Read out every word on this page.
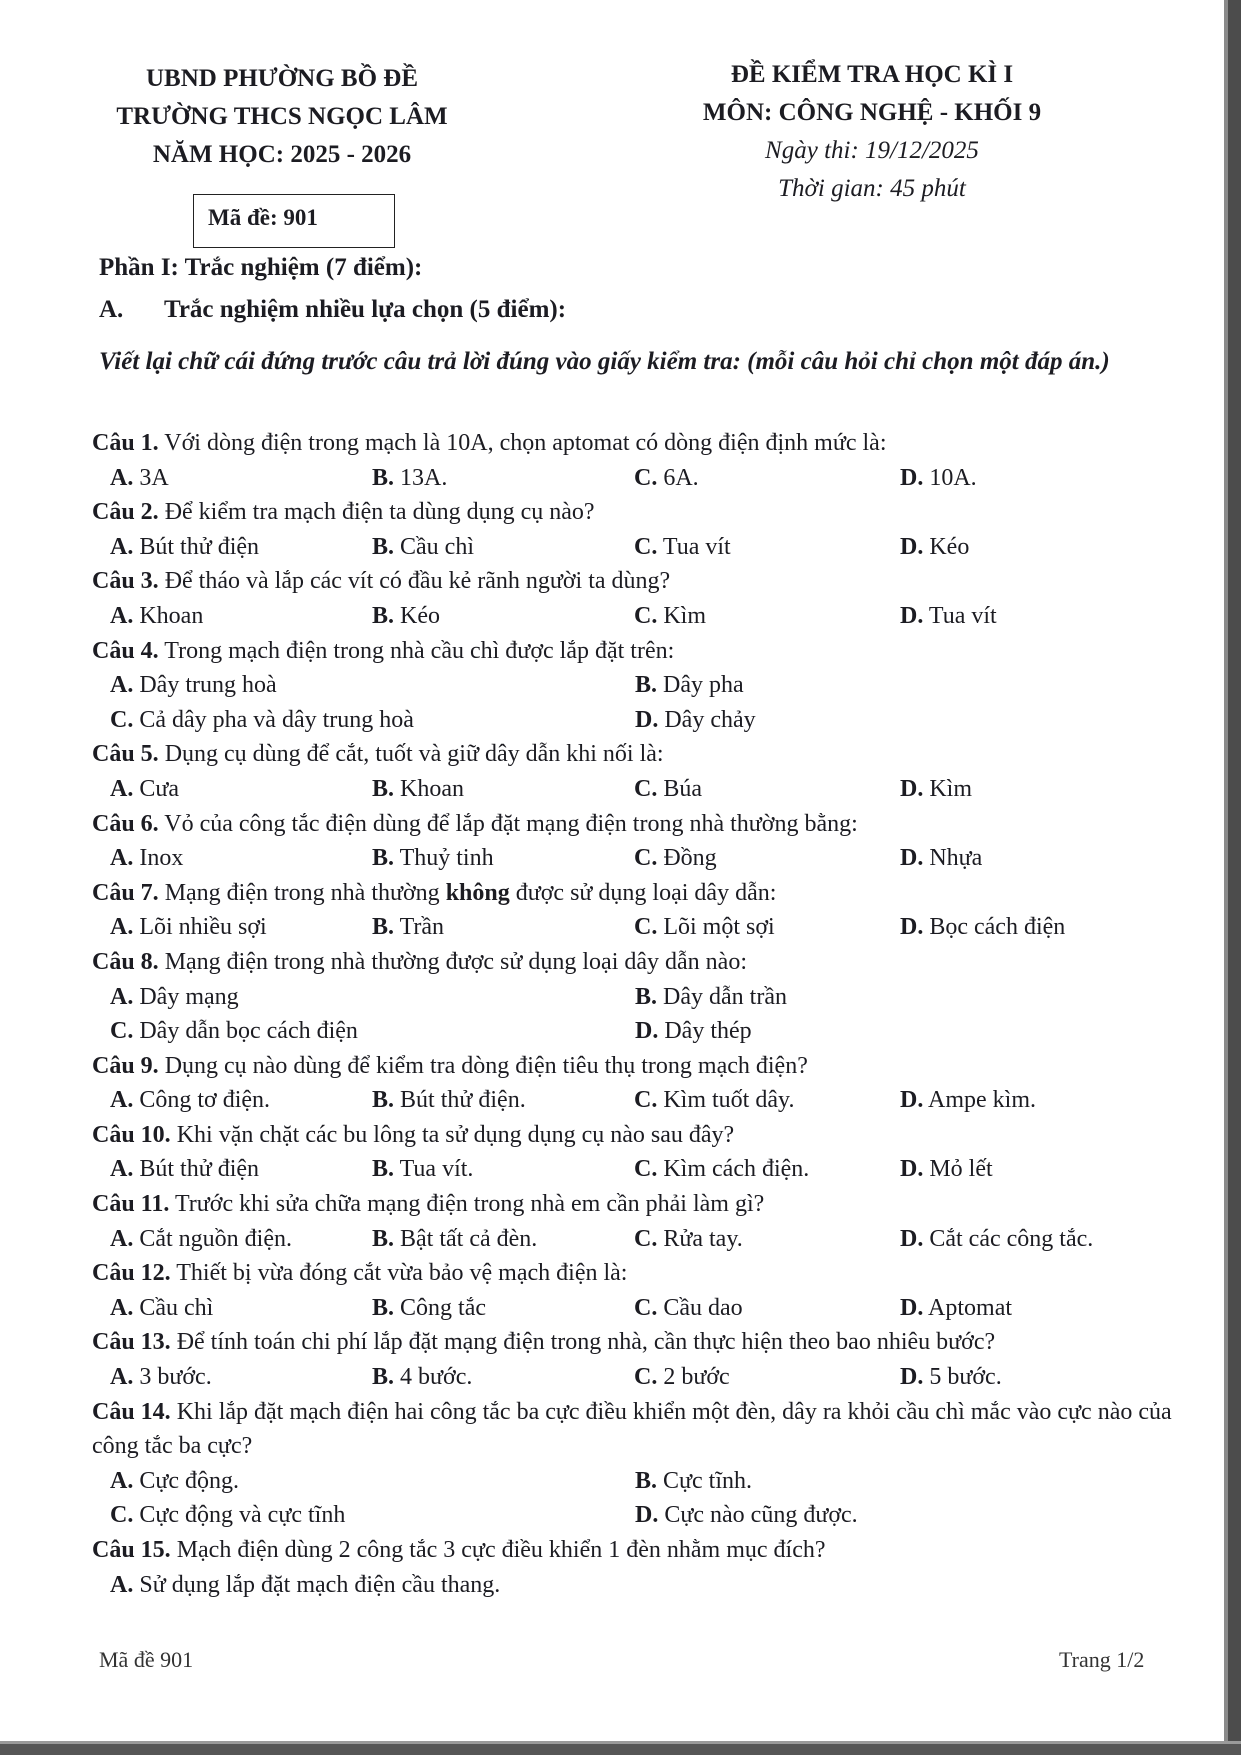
UBND PHƯỜNG BỒ ĐỀ
TRƯỜNG THCS NGỌC LÂM
NĂM HỌC: 2025 - 2026
ĐỀ KIỂM TRA HỌC KÌ I
MÔN: CÔNG NGHỆ - KHỐI 9
Ngày thi: 19/12/2025
Thời gian: 45 phút
Mã đề: 901
Phần I: Trắc nghiệm (7 điểm):
A. Trắc nghiệm nhiều lựa chọn (5 điểm):
Viết lại chữ cái đứng trước câu trả lời đúng vào giấy kiểm tra: (mỗi câu hỏi chỉ chọn một đáp án.)
Câu 1. Với dòng điện trong mạch là 10A, chọn aptomat có dòng điện định mức là:
A. 3A	B. 13A.	C. 6A.	D. 10A.
Câu 2. Để kiểm tra mạch điện ta dùng dụng cụ nào?
A. Bút thử điện	B. Cầu chì	C. Tua vít	D. Kéo
Câu 3. Để tháo và lắp các vít có đầu kẻ rãnh người ta dùng?
A. Khoan	B. Kéo	C. Kìm	D. Tua vít
Câu 4. Trong mạch điện trong nhà cầu chì được lắp đặt trên:
A. Dây trung hoà	B. Dây pha
C. Cả dây pha và dây trung hoà	D. Dây chảy
Câu 5. Dụng cụ dùng để cắt, tuốt và giữ dây dẫn khi nối là:
A. Cưa	B. Khoan	C. Búa	D. Kìm
Câu 6. Vỏ của công tắc điện dùng để lắp đặt mạng điện trong nhà thường bằng:
A. Inox	B. Thuỷ tinh	C. Đồng	D. Nhựa
Câu 7. Mạng điện trong nhà thường không được sử dụng loại dây dẫn:
A. Lõi nhiều sợi	B. Trần	C. Lõi một sợi	D. Bọc cách điện
Câu 8. Mạng điện trong nhà thường được sử dụng loại dây dẫn nào:
A. Dây mạng	B. Dây dẫn trần
C. Dây dẫn bọc cách điện	D. Dây thép
Câu 9. Dụng cụ nào dùng để kiểm tra dòng điện tiêu thụ trong mạch điện?
A. Công tơ điện.	B. Bút thử điện.	C. Kìm tuốt dây.	D. Ampe kìm.
Câu 10. Khi vặn chặt các bu lông ta sử dụng dụng cụ nào sau đây?
A. Bút thử điện	B. Tua vít.	C. Kìm cách điện.	D. Mỏ lết
Câu 11. Trước khi sửa chữa mạng điện trong nhà em cần phải làm gì?
A. Cắt nguồn điện.	B. Bật tất cả đèn.	C. Rửa tay.	D. Cắt các công tắc.
Câu 12. Thiết bị vừa đóng cắt vừa bảo vệ mạch điện là:
A. Cầu chì	B. Công tắc	C. Cầu dao	D. Aptomat
Câu 13. Để tính toán chi phí lắp đặt mạng điện trong nhà, cần thực hiện theo bao nhiêu bước?
A. 3 bước.	B. 4 bước.	C. 2 bước	D. 5 bước.
Câu 14. Khi lắp đặt mạch điện hai công tắc ba cực điều khiển một đèn, dây ra khỏi cầu chì mắc vào cực nào của công tắc ba cực?
A. Cực động.	B. Cực tĩnh.
C. Cực động và cực tĩnh	D. Cực nào cũng được.
Câu 15. Mạch điện dùng 2 công tắc 3 cực điều khiển 1 đèn nhằm mục đích?
A. Sử dụng lắp đặt mạch điện cầu thang.
Mã đề 901	Trang 1/2
